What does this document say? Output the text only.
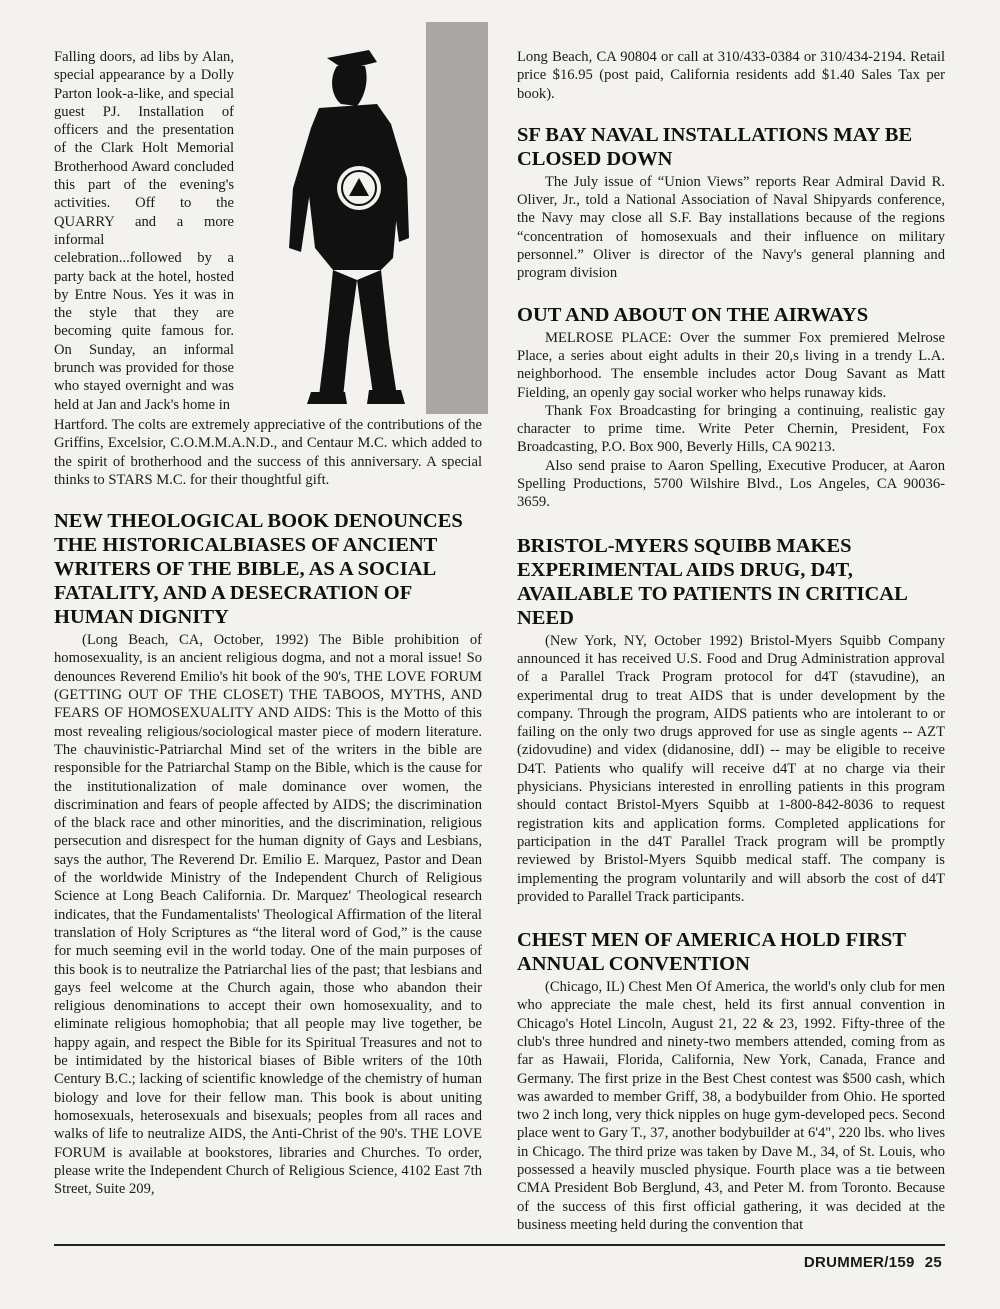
Falling doors, ad libs by Alan, special appearance by a Dolly Parton look-a-like, and special guest PJ. Installation of officers and the presentation of the Clark Holt Memorial Brotherhood Award concluded this part of the evening's activities. Off to the QUARRY and a more informal celebration...followed by a party back at the hotel, hosted by Entre Nous. Yes it was in the style that they are becoming quite famous for. On Sunday, an informal brunch was provided for those who stayed overnight and was held at Jan and Jack's home in

Hartford. The colts are extremely appreciative of the contributions of the Griffins, Excelsior, C.O.M.M.A.N.D., and Centaur M.C. which added to the spirit of brotherhood and the success of this anniversary. A special thinks to STARS M.C. for their thoughtful gift.

NEW THEOLOGICAL BOOK DENOUNCES THE HISTORICALBIASES OF ANCIENT WRITERS OF THE BIBLE, AS A SOCIAL FATALITY, AND A DESECRATION OF HUMAN DIGNITY

(Long Beach, CA, October, 1992) The Bible prohibition of homosexuality, is an ancient religious dogma, and not a moral issue! So denounces Reverend Emilio's hit book of the 90's, THE LOVE FORUM (GETTING OUT OF THE CLOSET) THE TABOOS, MYTHS, AND FEARS OF HOMOSEXUALITY AND AIDS: This is the Motto of this most revealing religious/sociological master piece of modern literature. The chauvinistic-Patriarchal Mind set of the writers in the bible are responsible for the Patriarchal Stamp on the Bible, which is the cause for the institutionalization of male dominance over women, the discrimination and fears of people affected by AIDS; the discrimination of the black race and other minorities, and the discrimination, religious persecution and disrespect for the human dignity of Gays and Lesbians, says the author, The Reverend Dr. Emilio E. Marquez, Pastor and Dean of the worldwide Ministry of the Independent Church of Religious Science at Long Beach California. Dr. Marquez' Theological research indicates, that the Fundamentalists' Theological Affirmation of the literal translation of Holy Scriptures as “the literal word of God,” is the cause for much seeming evil in the world today. One of the main purposes of this book is to neutralize the Patriarchal lies of the past; that lesbians and gays feel welcome at the Church again, those who abandon their religious denominations to accept their own homosexuality, and to eliminate religious homophobia; that all people may live together, be happy again, and respect the Bible for its Spiritual Treasures and not to be intimidated by the historical biases of Bible writers of the 10th Century B.C.; lacking of scientific knowledge of the chemistry of human biology and love for their fellow man. This book is about uniting homosexuals, heterosexuals and bisexuals; peoples from all races and walks of life to neutralize AIDS, the Anti-Christ of the 90's. THE LOVE FORUM is available at bookstores, libraries and Churches. To order, please write the Independent Church of Religious Science, 4102 East 7th Street, Suite 209,

Long Beach, CA 90804 or call at 310/433-0384 or 310/434-2194. Retail price $16.95 (post paid, California residents add $1.40 Sales Tax per book).

SF BAY NAVAL INSTALLATIONS MAY BE CLOSED DOWN

The July issue of “Union Views” reports Rear Admiral David R. Oliver, Jr., told a National Association of Naval Shipyards conference, the Navy may close all S.F. Bay installations because of the regions “concentration of homosexuals and their influence on military personnel.” Oliver is director of the Navy's general planning and program division

OUT AND ABOUT ON THE AIRWAYS

MELROSE PLACE: Over the summer Fox premiered Melrose Place, a series about eight adults in their 20,s living in a trendy L.A. neighborhood. The ensemble includes actor Doug Savant as Matt Fielding, an openly gay social worker who helps runaway kids.

Thank Fox Broadcasting for bringing a continuing, realistic gay character to prime time. Write Peter Chernin, President, Fox Broadcasting, P.O. Box 900, Beverly Hills, CA 90213.

Also send praise to Aaron Spelling, Executive Producer, at Aaron Spelling Productions, 5700 Wilshire Blvd., Los Angeles, CA 90036-3659.

BRISTOL-MYERS SQUIBB MAKES EXPERIMENTAL AIDS DRUG, D4T, AVAILABLE TO PATIENTS IN CRITICAL NEED

(New York, NY, October 1992) Bristol-Myers Squibb Company announced it has received U.S. Food and Drug Administration approval of a Parallel Track Program protocol for d4T (stavudine), an experimental drug to treat AIDS that is under development by the company. Through the program, AIDS patients who are intolerant to or failing on the only two drugs approved for use as single agents -- AZT (zidovudine) and videx (didanosine, ddI) -- may be eligible to receive D4T. Patients who qualify will receive d4T at no charge via their physicians. Physicians interested in enrolling patients in this program should contact Bristol-Myers Squibb at 1-800-842-8036 to request registration kits and application forms. Completed applications for participation in the d4T Parallel Track program will be promptly reviewed by Bristol-Myers Squibb medical staff. The company is implementing the program voluntarily and will absorb the cost of d4T provided to Parallel Track participants.

CHEST MEN OF AMERICA HOLD FIRST ANNUAL CONVENTION

(Chicago, IL) Chest Men Of America, the world's only club for men who appreciate the male chest, held its first annual convention in Chicago's Hotel Lincoln, August 21, 22 & 23, 1992. Fifty-three of the club's three hundred and ninety-two members attended, coming from as far as Hawaii, Florida, California, New York, Canada, France and Germany. The first prize in the Best Chest contest was $500 cash, which was awarded to member Griff, 38, a bodybuilder from Ohio. He sported two 2 inch long, very thick nipples on huge gym-developed pecs. Second place went to Gary T., 37, another bodybuilder at 6'4", 220 lbs. who lives in Chicago. The third prize was taken by Dave M., 34, of St. Louis, who possessed a heavily muscled physique. Fourth place was a tie between CMA President Bob Berglund, 43, and Peter M. from Toronto. Because of the success of this first official gathering, it was decided at the business meeting held during the convention that

DRUMMER/159 25
